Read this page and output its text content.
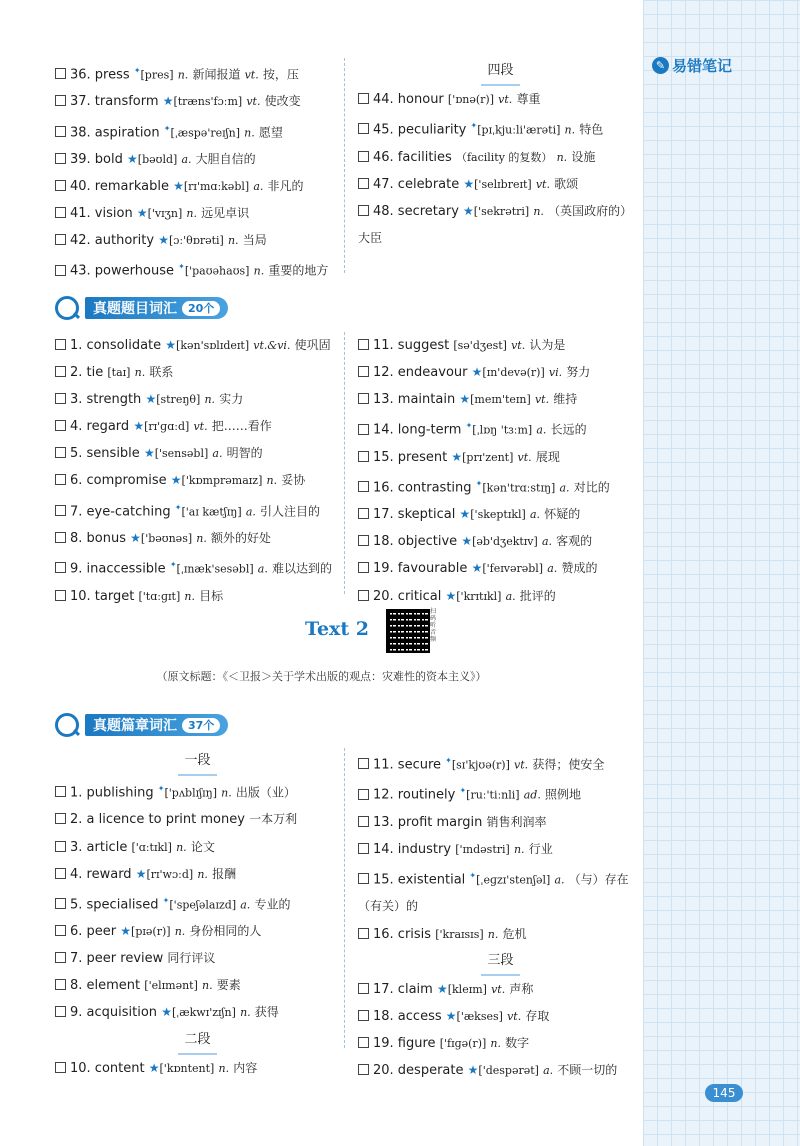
✎ 易错笔记
36. press ✦[pres] n. 新闻报道 vt. 按，压
37. transform ★[træns'fɔːm] vt. 使改变
38. aspiration ✦[ˌæspə'reɪʃn] n. 愿望
39. bold ★[bəʊld] a. 大胆自信的
40. remarkable ★[rɪ'mɑːkəbl] a. 非凡的
41. vision ★['vɪʒn] n. 远见卓识
42. authority ★[ɔː'θɒrəti] n. 当局
43. powerhouse ✦['paʊəhaʊs] n. 重要的地方
四段
44. honour ['ɒnə(r)] vt. 尊重
45. peculiarity ✦[pɪˌkjuːli'ærəti] n. 特色
46. facilities （facility 的复数） n. 设施
47. celebrate ★['selɪbreɪt] vt. 歌颂
48. secretary ★['sekrətri] n. （英国政府的）大臣
真题题目词汇	20个
1. consolidate ★[kən'sɒlɪdeɪt] vt.&vi. 使巩固
2. tie [taɪ] n. 联系
3. strength ★[streŋθ] n. 实力
4. regard ★[rɪ'ɡɑːd] vt. 把……看作
5. sensible ★['sensəbl] a. 明智的
6. compromise ★['kɒmprəmaɪz] n. 妥协
7. eye-catching ✦['aɪ kætʃɪŋ] a. 引人注目的
8. bonus ★['bəʊnəs] n. 额外的好处
9. inaccessible ✦[ˌɪnæk'sesəbl] a. 难以达到的
10. target ['tɑːɡɪt] n. 目标
11. suggest [sə'dʒest] vt. 认为是
12. endeavour ★[ɪn'devə(r)] vi. 努力
13. maintain ★[meɪn'teɪn] vt. 维持
14. long-term ✦[ˌlɒŋ 'tɜːm] a. 长远的
15. present ★[prɪ'zent] vt. 展现
16. contrasting ✦[kən'trɑːstɪŋ] a. 对比的
17. skeptical ★['skeptɪkl] a. 怀疑的
18. objective ★[əb'dʒektɪv] a. 客观的
19. favourable ★['feɪvərəbl] a. 赞成的
20. critical ★['krɪtɪkl] a. 批评的
Text 2
扫码听音频
（原文标题：《＜卫报＞关于学术出版的观点：灾难性的资本主义》）
真题篇章词汇	37个
一段
1. publishing ✦['pʌblɪʃɪŋ] n. 出版（业）
2. a licence to print money 一本万利
3. article ['ɑːtɪkl] n. 论文
4. reward ★[rɪ'wɔːd] n. 报酬
5. specialised ✦['speʃəlaɪzd] a. 专业的
6. peer ★[pɪə(r)] n. 身份相同的人
7. peer review 同行评议
8. element ['elɪmənt] n. 要素
9. acquisition ★[ˌækwɪ'zɪʃn] n. 获得
二段
10. content ★['kɒntent] n. 内容
11. secure ✦[sɪ'kjʊə(r)] vt. 获得；使安全
12. routinely ✦[ruː'tiːnli] ad. 照例地
13. profit margin 销售利润率
14. industry ['ɪndəstri] n. 行业
15. existential ✦[ˌeɡzɪ'stenʃəl] a. （与）存在（有关）的
16. crisis ['kraɪsɪs] n. 危机
三段
17. claim ★[kleɪm] vt. 声称
18. access ★['ækses] vt. 存取
19. figure ['fɪɡə(r)] n. 数字
20. desperate ★['despərət] a. 不顾一切的
145
